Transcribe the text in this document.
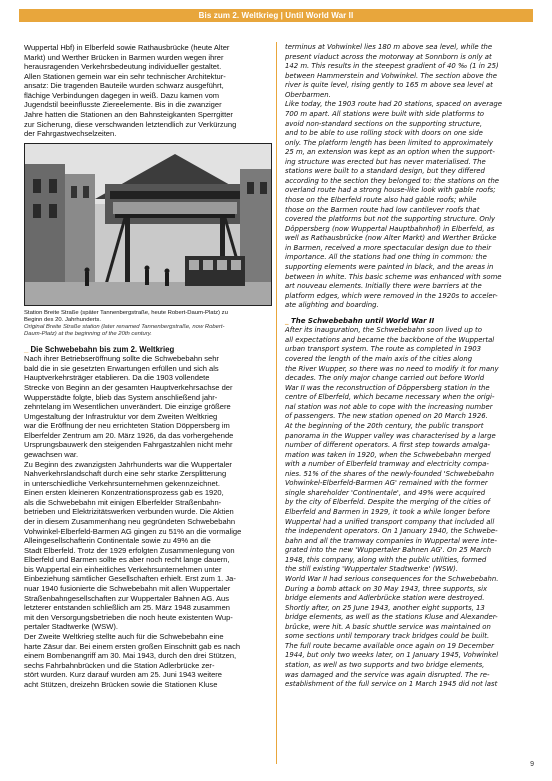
Bis zum 2. Weltkrieg | Until World War II

Wuppertal Hbf) in Elberfeld sowie Rathausbrücke (heute Alter
Markt) und Werther Brücken in Barmen wurden wegen ihrer
herausragenden Verkehrsbedeutung individueller gestaltet.
Allen Stationen gemein war ein sehr technischer Architektur-
ansatz: Die tragenden Bauteile wurden schwarz ausgeführt,
flächige Verbindungen dagegen in weiß. Dazu kamen vom
Jugendstil beeinflusste Ziereelemente. Bis in die zwanziger
Jahre hatten die Stationen an den Bahnsteigkanten Sperrgitter
zur Sicherung, diese verschwanden letztendlich zur Verkürzung
der Fahrgastwechselzeiten.

Station Breite Straße (später Tannenbergstraße, heute Robert-Daum-Platz) zu
Beginn des 20. Jahrhunderts.

Original Breite Straße station (later renamed Tannenbergstraße, now Robert-
Daum-Platz) at the beginning of the 20th century.

_ Die Schwebebahn bis zum 2. Weltkrieg

Nach ihrer Betriebseröffnung sollte die Schwebebahn sehr
bald die in sie gesetzten Erwartungen erfüllen und sich als
Hauptverkehrsträger etablieren. Da die 1903 vollendete
Strecke von Beginn an der gesamten Hauptverkehrsachse der
Wupperstädte folgte, blieb das System anschließend jahr-
zehntelang im Wesentlichen unverändert. Die einzige größere
Umgestaltung der Infrastruktur vor dem Zweiten Weltkrieg
war die Eröffnung der neu errichteten Station Döppersberg im
Elberfelder Zentrum am 20. März 1926, da das vorhergehende
Ursprungsbauwerk den steigenden Fahrgastzahlen nicht mehr
gewachsen war.
Zu Beginn des zwanzigsten Jahrhunderts war die Wuppertaler
Nahverkehrslandschaft durch eine sehr starke Zersplitterung
in unterschiedliche Verkehrsunternehmen gekennzeichnet.
Einen ersten kleineren Konzentrationsprozess gab es 1920,
als die Schwebebahn mit einigen Elberfelder Straßenbahn-
betrieben und Elektrizitätswerken verbunden wurde. Die Aktien
der in diesem Zusammenhang neu gegründeten Schwebebahn
Vohwinkel-Elberfeld-Barmen AG gingen zu 51% an die vormalige
Alleingesellschafterin Continentale sowie zu 49% an die
Stadt Elberfeld. Trotz der 1929 erfolgten Zusammenlegung von
Elberfeld und Barmen sollte es aber noch recht lange dauern,
bis Wuppertal ein einheitliches Verkehrsunternehmen unter
Einbeziehung sämtlicher Gesellschaften erhielt. Erst zum 1. Ja-
nuar 1940 fusionierte die Schwebebahn mit allen Wuppertaler
Straßenbahngesellschaften zur Wuppertaler Bahnen AG. Aus
letzterer entstanden schließlich am 25. März 1948 zusammen
mit den Versorgungsbetrieben die noch heute existenten Wup-
pertaler Stadtwerke (WSW).
Der Zweite Weltkrieg stellte auch für die Schwebebahn eine
harte Zäsur dar. Bei einem ersten großen Einschnitt gab es nach
einem Bombenangriff am 30. Mai 1943, durch den drei Stützen,
sechs Fahrbahnbrücken und die Station Adlerbrücke zer-
stört wurden. Kurz darauf wurden am 25. Juni 1943 weitere
acht Stützen, dreizehn Brücken sowie die Stationen Kluse

terminus at Vohwinkel lies 180 m above sea level, while the
present viaduct across the motorway at Sonnborn is only at
142 m. This results in the steepest gradient of 40 ‰ (1 in 25)
between Hammerstein and Vohwinkel. The section above the
river is quite level, rising gently to 165 m above sea level at
Oberbarmen.
Like today, the 1903 route had 20 stations, spaced on average
700 m apart. All stations were built with side platforms to
avoid non-standard sections on the supporting structure,
and to be able to use rolling stock with doors on one side
only. The platform length has been limited to approximately
25 m, an extension was kept as an option when the support-
ing structure was erected but has never materialised. The
stations were built to a standard design, but they differed
according to the section they belonged to: the stations on the
overland route had a strong house-like look with gable roofs;
those on the Elberfeld route also had gable roofs; while
those on the Barmen route had low cantilever roofs that
covered the platforms but not the supporting structure. Only
Döppersberg (now Wuppertal Hauptbahnhof) in Elberfeld, as
well as Rathausbrücke (now Alter Markt) and Werther Brücke
in Barmen, received a more spectacular design due to their
importance. All the stations had one thing in common: the
supporting elements were painted in black, and the areas in
between in white. This basic scheme was enhanced with some
art nouveau elements. Initially there were barriers at the
platform edges, which were removed in the 1920s to acceler-
ate alighting and boarding.

_ The Schwebebahn until World War II

After its inauguration, the Schwebebahn soon lived up to
all expectations and became the backbone of the Wuppertal
urban transport system. The route as completed in 1903
covered the length of the main axis of the cities along
the River Wupper, so there was no need to modify it for many
decades. The only major change carried out before World
War II was the reconstruction of Döppersberg station in the
centre of Elberfeld, which became necessary when the origi-
nal station was not able to cope with the increasing number
of passengers. The new station opened on 20 March 1926.
At the beginning of the 20th century, the public transport
panorama in the Wupper valley was characterised by a large
number of different operators. A first step towards amalga-
mation was taken in 1920, when the Schwebebahn merged
with a number of Elberfeld tramway and electricity compa-
nies. 51% of the shares of the newly-founded 'Schwebebahn
Vohwinkel-Elberfeld-Barmen AG' remained with the former
single shareholder 'Continentale', and 49% were acquired
by the city of Elberfeld. Despite the merging of the cities of
Elberfeld and Barmen in 1929, it took a while longer before
Wuppertal had a unified transport company that included all
the independent operators. On 1 January 1940, the Schwebe-
bahn and all the tramway companies in Wuppertal were inte-
grated into the new 'Wuppertaler Bahnen AG'. On 25 March
1948, this company, along with the public utilities, formed
the still existing 'Wuppertaler Stadtwerke' (WSW).
World War II had serious consequences for the Schwebebahn.
During a bomb attack on 30 May 1943, three supports, six
bridge elements and Adlerbrücke station were destroyed.
Shortly after, on 25 June 1943, another eight supports, 13
bridge elements, as well as the stations Kluse and Alexander-
brücke, were hit. A basic shuttle service was maintained on
some sections until temporary track bridges could be built.
The full route became available once again on 19 December
1944, but only two weeks later, on 1 January 1945, Vohwinkel
station, as well as two supports and two bridge elements,
was damaged and the service was again disrupted. The re-
establishment of the full service on 1 March 1945 did not last

9
